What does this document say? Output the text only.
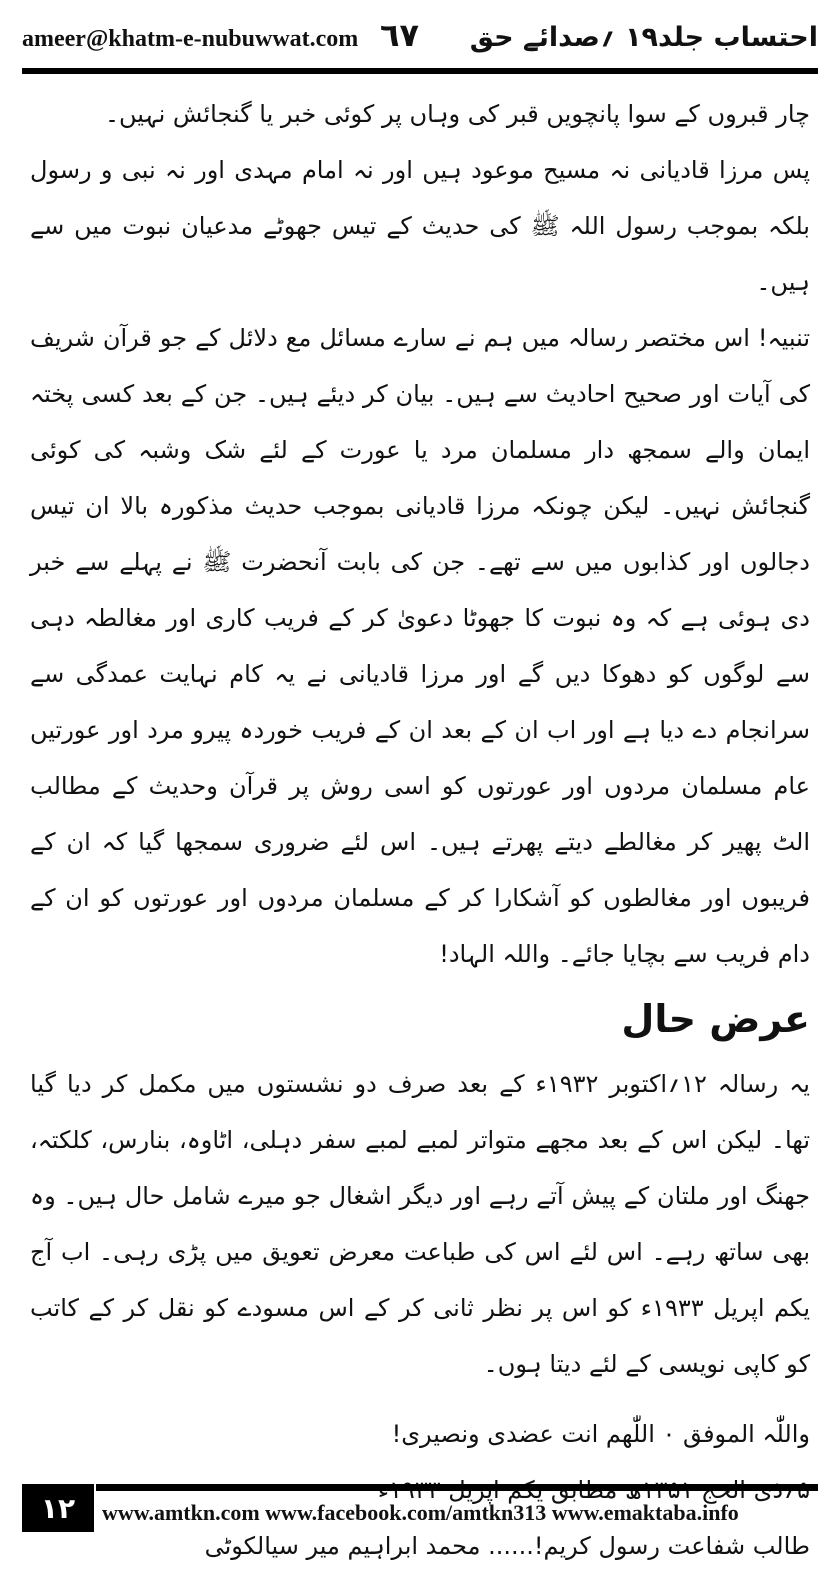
ameer@khatm-e-nubuwwat.com ٦٧ احتساب جلد۱۹ ؍صدائے حق

چار قبروں کے سوا پانچویں قبر کی وہاں پر کوئی خبر یا گنجائش نہیں۔

پس مرزا قادیانی نہ مسیح موعود ہیں اور نہ امام مہدی اور نہ نبی و رسول بلکہ بموجب رسول اللہ ﷺ کی حدیث کے تیس جھوٹے مدعیان نبوت میں سے ہیں۔

تنبیہ! اس مختصر رسالہ میں ہم نے سارے مسائل مع دلائل کے جو قرآن شریف کی آیات اور صحیح احادیث سے ہیں۔ بیان کر دیئے ہیں۔ جن کے بعد کسی پختہ ایمان والے سمجھ دار مسلمان مرد یا عورت کے لئے شک وشبہ کی کوئی گنجائش نہیں۔ لیکن چونکہ مرزا قادیانی بموجب حدیث مذکورہ بالا ان تیس دجالوں اور کذابوں میں سے تھے۔ جن کی بابت آنحضرت ﷺ نے پہلے سے خبر دی ہوئی ہے کہ وہ نبوت کا جھوٹا دعویٰ کر کے فریب کاری اور مغالطہ دہی سے لوگوں کو دھوکا دیں گے اور مرزا قادیانی نے یہ کام نہایت عمدگی سے سرانجام دے دیا ہے اور اب ان کے بعد ان کے فریب خوردہ پیرو مرد اور عورتیں عام مسلمان مردوں اور عورتوں کو اسی روش پر قرآن وحدیث کے مطالب الٹ پھیر کر مغالطے دیتے پھرتے ہیں۔ اس لئے ضروری سمجھا گیا کہ ان کے فریبوں اور مغالطوں کو آشکارا کر کے مسلمان مردوں اور عورتوں کو ان کے دام فریب سے بچایا جائے۔ واللہ الہاد!

عرض حال

یہ رسالہ ۱۲؍اکتوبر ۱۹۳۲ء کے بعد صرف دو نشستوں میں مکمل کر دیا گیا تھا۔ لیکن اس کے بعد مجھے متواتر لمبے لمبے سفر دہلی، اٹاوہ، بنارس، کلکتہ، جھنگ اور ملتان کے پیش آتے رہے اور دیگر اشغال جو میرے شامل حال ہیں۔ وہ بھی ساتھ رہے۔ اس لئے اس کی طباعت معرض تعویق میں پڑی رہی۔ اب آج یکم اپریل ۱۹۳۳ء کو اس پر نظر ثانی کر کے اس مسودے کو نقل کر کے کاتب کو کاپی نویسی کے لئے دیتا ہوں۔

واللّٰہ الموفق ۰ اللّٰھم انت عضدی ونصیری!
طالب شفاعت رسول کریم!...... محمد ابراہیم میر سیالکوٹی
۱۲	www.amtkn.com www.facebook.com/amtkn313 www.emaktaba.info
